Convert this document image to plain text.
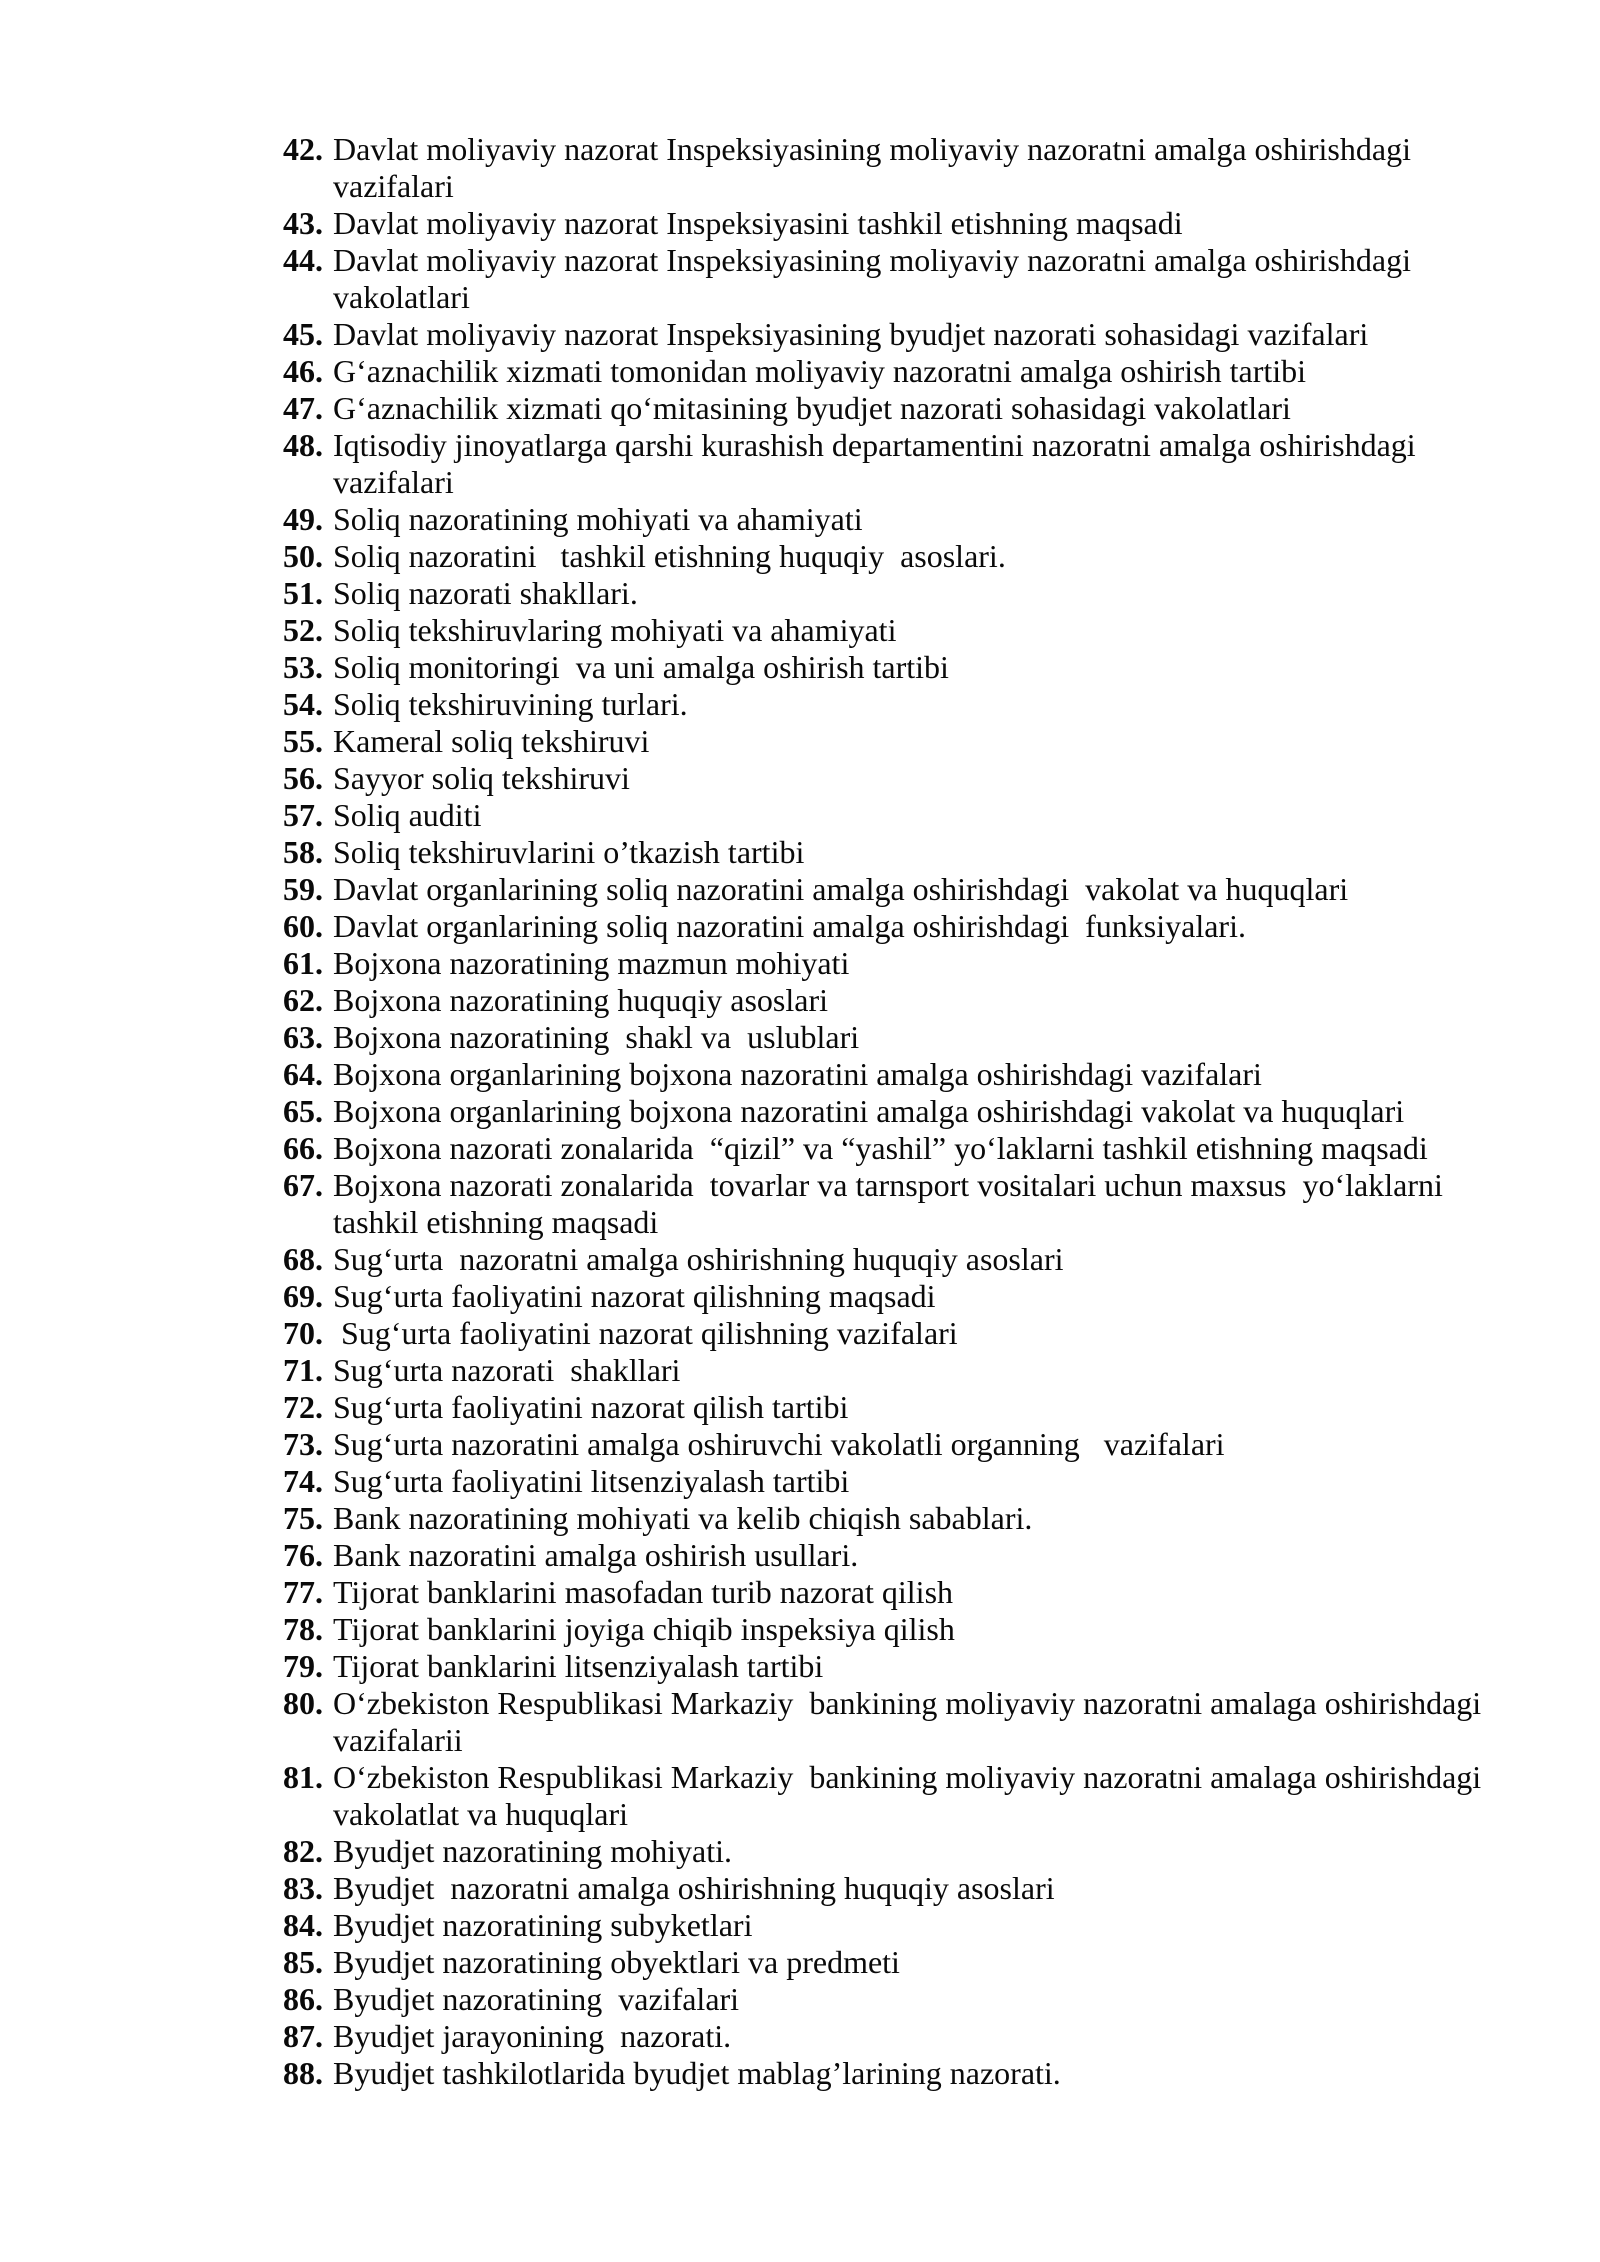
42. Davlat moliyaviy nazorat Inspeksiyasining moliyaviy nazoratni amalga oshirishdagi
vazifalari
43. Davlat moliyaviy nazorat Inspeksiyasini tashkil etishning maqsadi
44. Davlat moliyaviy nazorat Inspeksiyasining moliyaviy nazoratni amalga oshirishdagi
vakolatlari
45. Davlat moliyaviy nazorat Inspeksiyasining byudjet nazorati sohasidagi vazifalari
46. G‘aznachilik xizmati tomonidan moliyaviy nazoratni amalga oshirish tartibi
47. G‘aznachilik xizmati qo‘mitasining byudjet nazorati sohasidagi vakolatlari
48. Iqtisodiy jinoyatlarga qarshi kurashish departamentini nazoratni amalga oshirishdagi
vazifalari
49. Soliq nazoratining mohiyati va ahamiyati
50. Soliq nazoratini   tashkil etishning huquqiy  asoslari.
51. Soliq nazorati shakllari.
52. Soliq tekshiruvlaring mohiyati va ahamiyati
53. Soliq monitoringi  va uni amalga oshirish tartibi
54. Soliq tekshiruvining turlari.
55. Kameral soliq tekshiruvi
56. Sayyor soliq tekshiruvi
57. Soliq auditi
58. Soliq tekshiruvlarini o’tkazish tartibi
59. Davlat organlarining soliq nazoratini amalga oshirishdagi  vakolat va huquqlari
60. Davlat organlarining soliq nazoratini amalga oshirishdagi  funksiyalari.
61. Bojxona nazoratining mazmun mohiyati
62. Bojxona nazoratining huquqiy asoslari
63. Bojxona nazoratining  shakl va  uslublari
64. Bojxona organlarining bojxona nazoratini amalga oshirishdagi vazifalari
65. Bojxona organlarining bojxona nazoratini amalga oshirishdagi vakolat va huquqlari
66. Bojxona nazorati zonalarida  “qizil” va “yashil” yo‘laklarni tashkil etishning maqsadi
67. Bojxona nazorati zonalarida  tovarlar va tarnsport vositalari uchun maxsus  yo‘laklarni
tashkil etishning maqsadi
68. Sug‘urta  nazoratni amalga oshirishning huquqiy asoslari
69. Sug‘urta faoliyatini nazorat qilishning maqsadi
70. Sug‘urta faoliyatini nazorat qilishning vazifalari
71. Sug‘urta nazorati  shakllari
72. Sug‘urta faoliyatini nazorat qilish tartibi
73. Sug‘urta nazoratini amalga oshiruvchi vakolatli organning   vazifalari
74. Sug‘urta faoliyatini litsenziyalash tartibi
75. Bank nazoratining mohiyati va kelib chiqish sabablari.
76. Bank nazoratini amalga oshirish usullari.
77. Tijorat banklarini masofadan turib nazorat qilish
78. Tijorat banklarini joyiga chiqib inspeksiya qilish
79. Tijorat banklarini litsenziyalash tartibi
80. O‘zbekiston Respublikasi Markaziy  bankining moliyaviy nazoratni amalaga oshirishdagi
vazifalarii
81. O‘zbekiston Respublikasi Markaziy  bankining moliyaviy nazoratni amalaga oshirishdagi
vakolatlat va huquqlari
82. Byudjet nazoratining mohiyati.
83. Byudjet  nazoratni amalga oshirishning huquqiy asoslari
84. Byudjet nazoratining subyketlari
85. Byudjet nazoratining obyektlari va predmeti
86. Byudjet nazoratining  vazifalari
87. Byudjet jarayonining  nazorati.
88. Byudjet tashkilotlarida byudjet mablag’larining nazorati.
